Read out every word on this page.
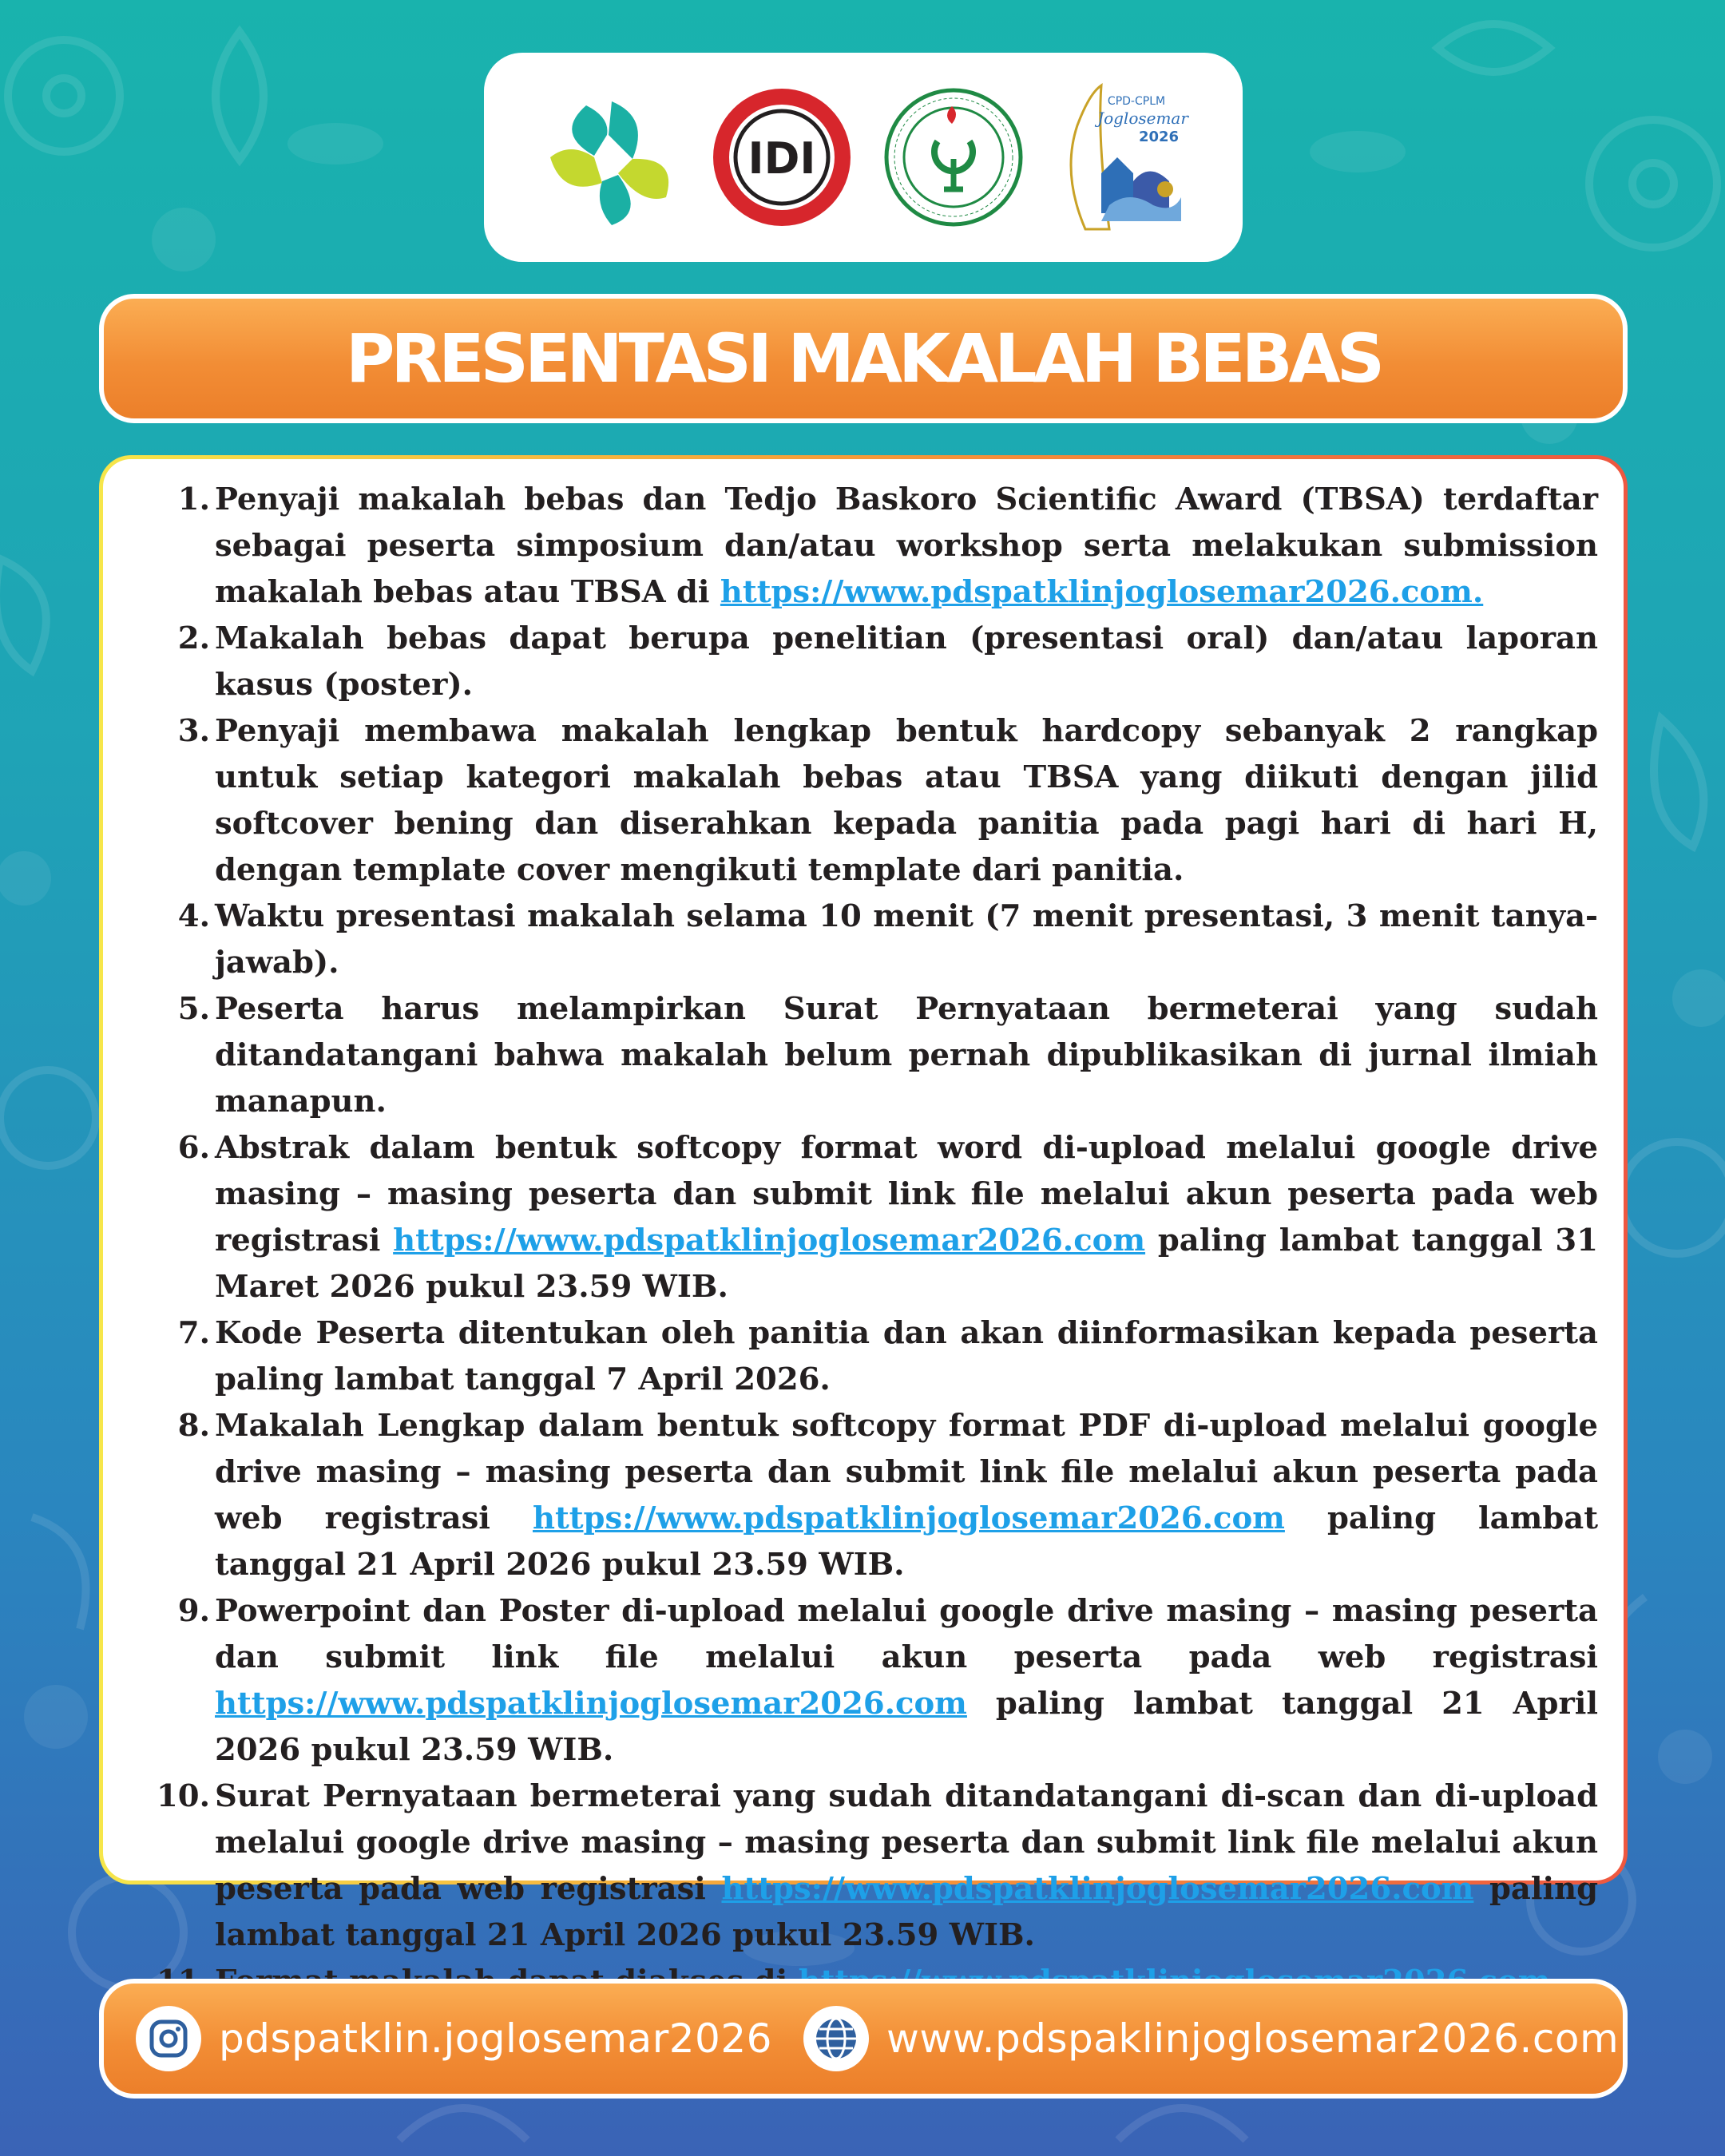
IDI
CPD-CPLM
Joglosemar
2026
PRESENTASI MAKALAH BEBAS
1. Penyaji makalah bebas dan Tedjo Baskoro Scientific Award (TBSA) terdaftar sebagai peserta simposium dan/atau workshop serta melakukan submission makalah bebas atau TBSA di https://www.pdspatklinjoglosemar2026.com.
2. Makalah bebas dapat berupa penelitian (presentasi oral) dan/atau laporan kasus (poster).
3. Penyaji membawa makalah lengkap bentuk hardcopy sebanyak 2 rangkap untuk setiap kategori makalah bebas atau TBSA yang diikuti dengan jilid softcover bening dan diserahkan kepada panitia pada pagi hari di hari H, dengan template cover mengikuti template dari panitia.
4. Waktu presentasi makalah selama 10 menit (7 menit presentasi, 3 menit tanya- jawab).
5. Peserta harus melampirkan Surat Pernyataan bermeterai yang sudah ditandatangani bahwa makalah belum pernah dipublikasikan di jurnal ilmiah manapun.
6. Abstrak dalam bentuk softcopy format word di-upload melalui google drive masing – masing peserta dan submit link file melalui akun peserta pada web registrasi https://www.pdspatklinjoglosemar2026.com paling lambat tanggal 31 Maret 2026 pukul 23.59 WIB.
7. Kode Peserta ditentukan oleh panitia dan akan diinformasikan kepada peserta paling lambat tanggal 7 April 2026.
8. Makalah Lengkap dalam bentuk softcopy format PDF di-upload melalui google drive masing – masing peserta dan submit link file melalui akun peserta pada web registrasi https://www.pdspatklinjoglosemar2026.com paling lambat tanggal 21 April 2026 pukul 23.59 WIB.
9. Powerpoint dan Poster di-upload melalui google drive masing – masing peserta dan submit link file melalui akun peserta pada web registrasi https://www.pdspatklinjoglosemar2026.com paling lambat tanggal 21 April 2026 pukul 23.59 WIB.
10. Surat Pernyataan bermeterai yang sudah ditandatangani di-scan dan di-upload melalui google drive masing – masing peserta dan submit link file melalui akun peserta pada web registrasi https://www.pdspatklinjoglosemar2026.com paling lambat tanggal 21 April 2026 pukul 23.59 WIB.
pdspatklin.joglosemar2026	www.pdspaklinjoglosemar2026.com
